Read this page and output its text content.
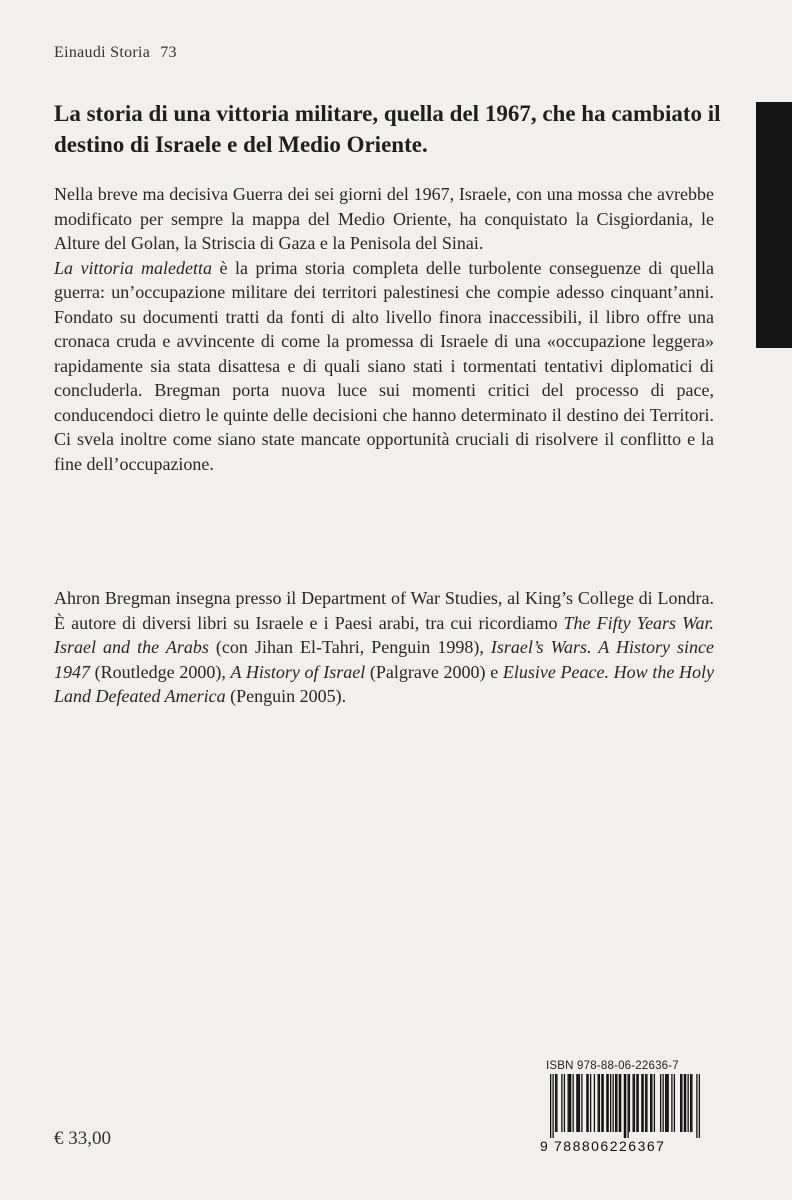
Einaudi Storia 73
La storia di una vittoria militare, quella del 1967, che ha cambiato il destino di Israele e del Medio Oriente.

Nella breve ma decisiva Guerra dei sei giorni del 1967, Israele, con una mossa che avrebbe modificato per sempre la mappa del Medio Oriente, ha conquistato la Cisgiordania, le Alture del Golan, la Striscia di Gaza e la Penisola del Sinai.

La vittoria maledetta è la prima storia completa delle turbolente conseguenze di quella guerra: un’occupazione militare dei territori palestinesi che compie adesso cinquant’anni. Fondato su documenti tratti da fonti di alto livello finora inaccessibili, il libro offre una cronaca cruda e avvincente di come la promessa di Israele di una «occupazione leggera» rapidamente sia stata disattesa e di quali siano stati i tormentati tentativi diplomatici di concluderla. Bregman porta nuova luce sui momenti critici del processo di pace, conducendoci dietro le quinte delle decisioni che hanno determinato il destino dei Territori. Ci svela inoltre come siano state mancate opportunità cruciali di risolvere il conflitto e la fine dell’occupazione.

Ahron Bregman insegna presso il Department of War Studies, al King’s College di Londra. È autore di diversi libri su Israele e i Paesi arabi, tra cui ricordiamo The Fifty Years War. Israel and the Arabs (con Jihan El-Tahri, Penguin 1998), Israel’s Wars. A History since 1947 (Routledge 2000), A History of Israel (Palgrave 2000) e Elusive Peace. How the Holy Land Defeated America (Penguin 2005).

€ 33,00
ISBN 978-88-06-22636-7
9 788806226367
